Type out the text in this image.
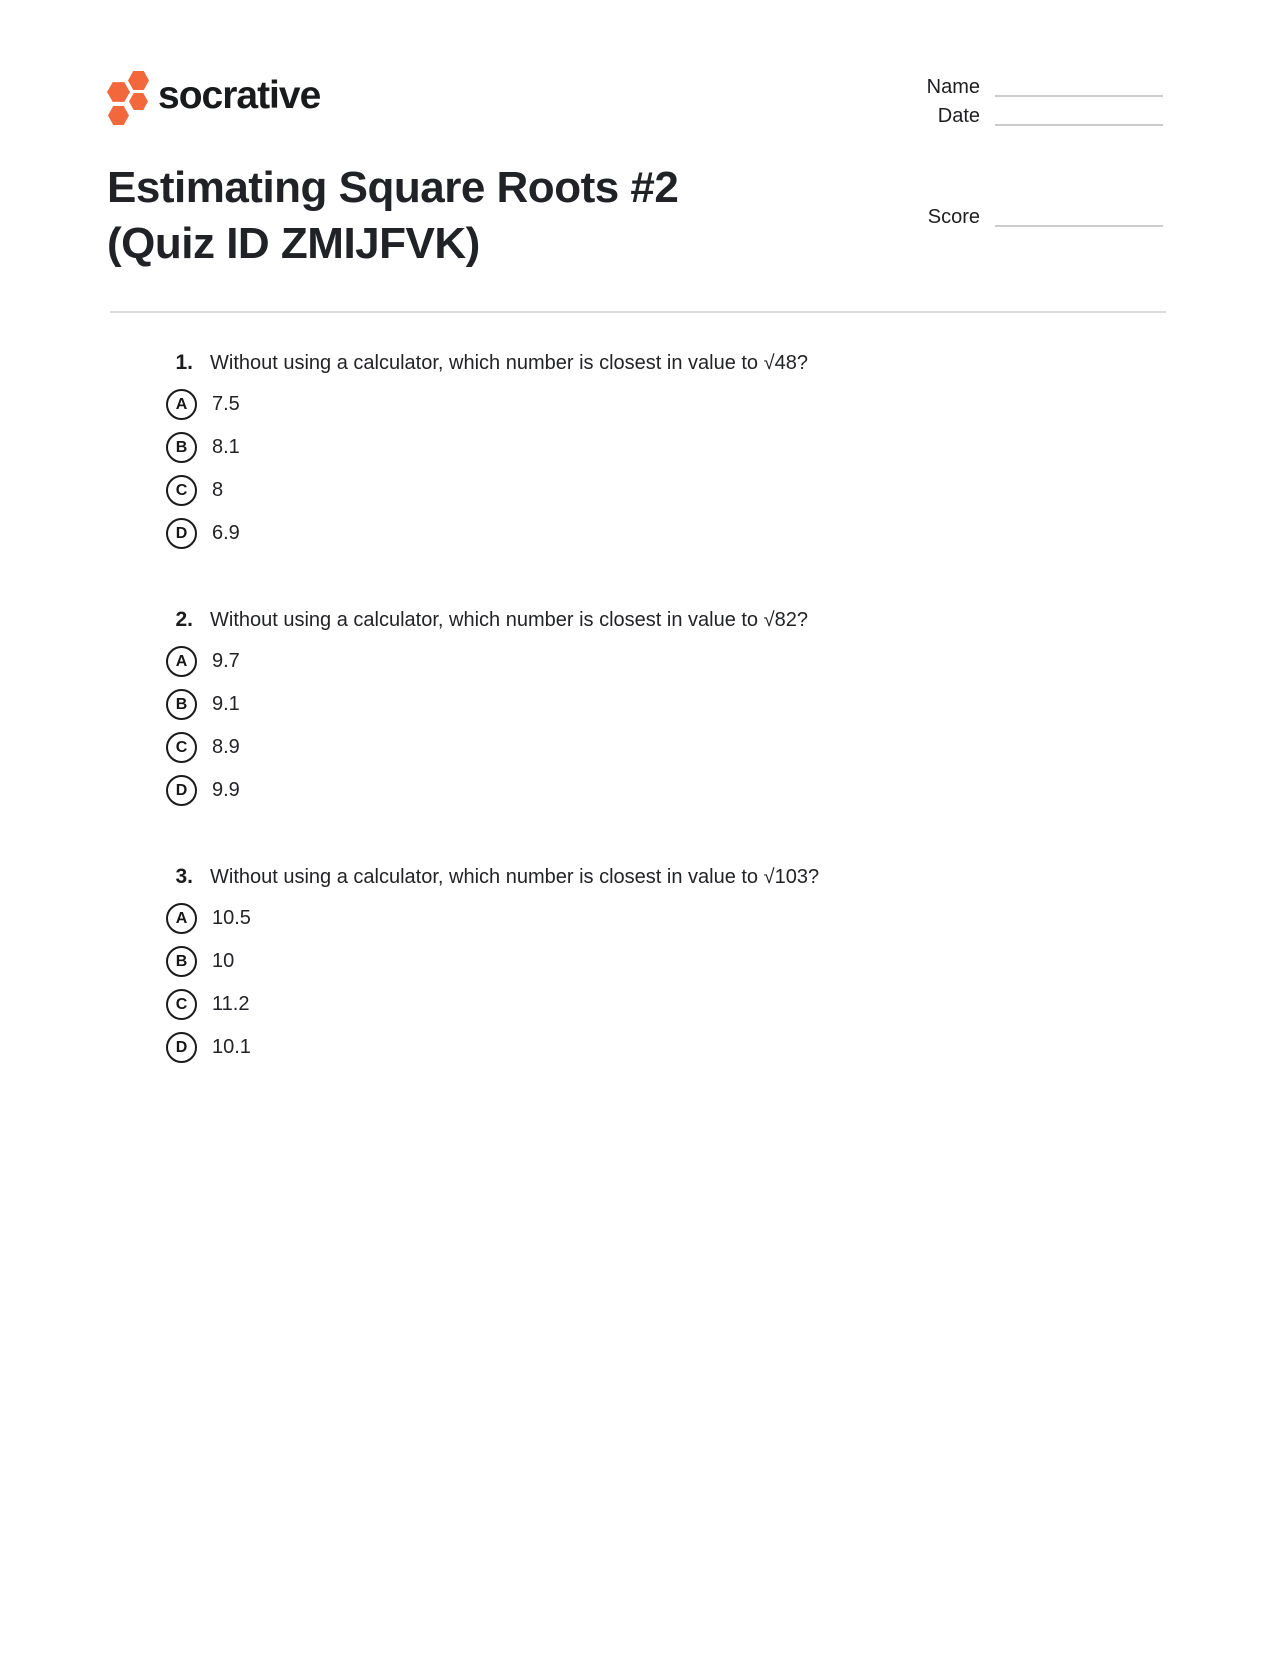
socrative	Name
Date
Score
Estimating Square Roots #2
(Quiz ID ZMIJFVK)
1. Without using a calculator, which number is closest in value to √48?
A	7.5
B	8.1
C	8
D	6.9
2. Without using a calculator, which number is closest in value to √82?
A	9.7
B	9.1
C	8.9
D	9.9
3. Without using a calculator, which number is closest in value to √103?
A	10.5
B	10
C	11.2
D	10.1
